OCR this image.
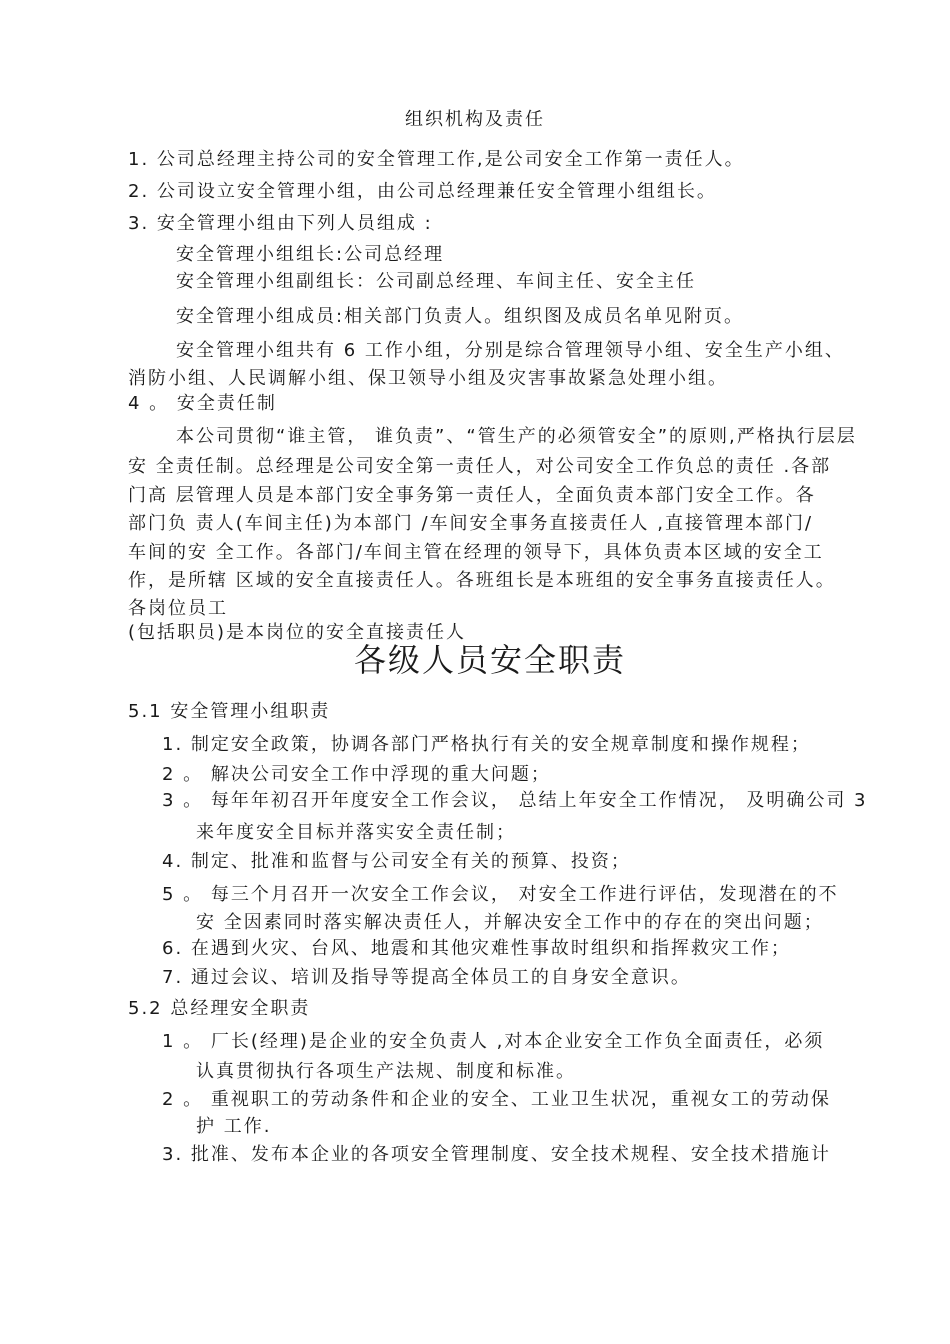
组织机构及责任
1. 公司总经理主持公司的安全管理工作,是公司安全工作第一责任人。
2. 公司设立安全管理小组，由公司总经理兼任安全管理小组组长。
3. 安全管理小组由下列人员组成 :
安全管理小组组长:公司总经理
安全管理小组副组长：公司副总经理、车间主任、安全主任
安全管理小组成员:相关部门负责人。组织图及成员名单见附页。
安全管理小组共有 6 工作小组，分别是综合管理领导小组、安全生产小组、
消防小组、人民调解小组、保卫领导小组及灾害事故紧急处理小组。
4 。 安全责任制
本公司贯彻“谁主管， 谁负责”、“管生产的必须管安全”的原则,严格执行层层
安 全责任制。总经理是公司安全第一责任人，对公司安全工作负总的责任 .各部
门高 层管理人员是本部门安全事务第一责任人，全面负责本部门安全工作。各
部门负 责人(车间主任)为本部门 /车间安全事务直接责任人 ,直接管理本部门/
车间的安 全工作。各部门/车间主管在经理的领导下，具体负责本区域的安全工
作，是所辖 区域的安全直接责任人。各班组长是本班组的安全事务直接责任人。
各岗位员工
(包括职员)是本岗位的安全直接责任人
各级人员安全职责
5.1 安全管理小组职责
1. 制定安全政策，协调各部门严格执行有关的安全规章制度和操作规程；
2 。 解决公司安全工作中浮现的重大问题；
3 。 每年年初召开年度安全工作会议， 总结上年安全工作情况， 及明确公司 3
来年度安全目标并落实安全责任制；
4. 制定、批准和监督与公司安全有关的预算、投资；
5 。 每三个月召开一次安全工作会议， 对安全工作进行评估，发现潜在的不
安 全因素同时落实解决责任人，并解决安全工作中的存在的突出问题；
6. 在遇到火灾、台风、地震和其他灾难性事故时组织和指挥救灾工作；
7. 通过会议、培训及指导等提高全体员工的自身安全意识。
5.2 总经理安全职责
1 。 厂长(经理)是企业的安全负责人 ,对本企业安全工作负全面责任，必须
认真贯彻执行各项生产法规、制度和标准。
2 。 重视职工的劳动条件和企业的安全、工业卫生状况，重视女工的劳动保
护 工作.
3. 批准、发布本企业的各项安全管理制度、安全技术规程、安全技术措施计
